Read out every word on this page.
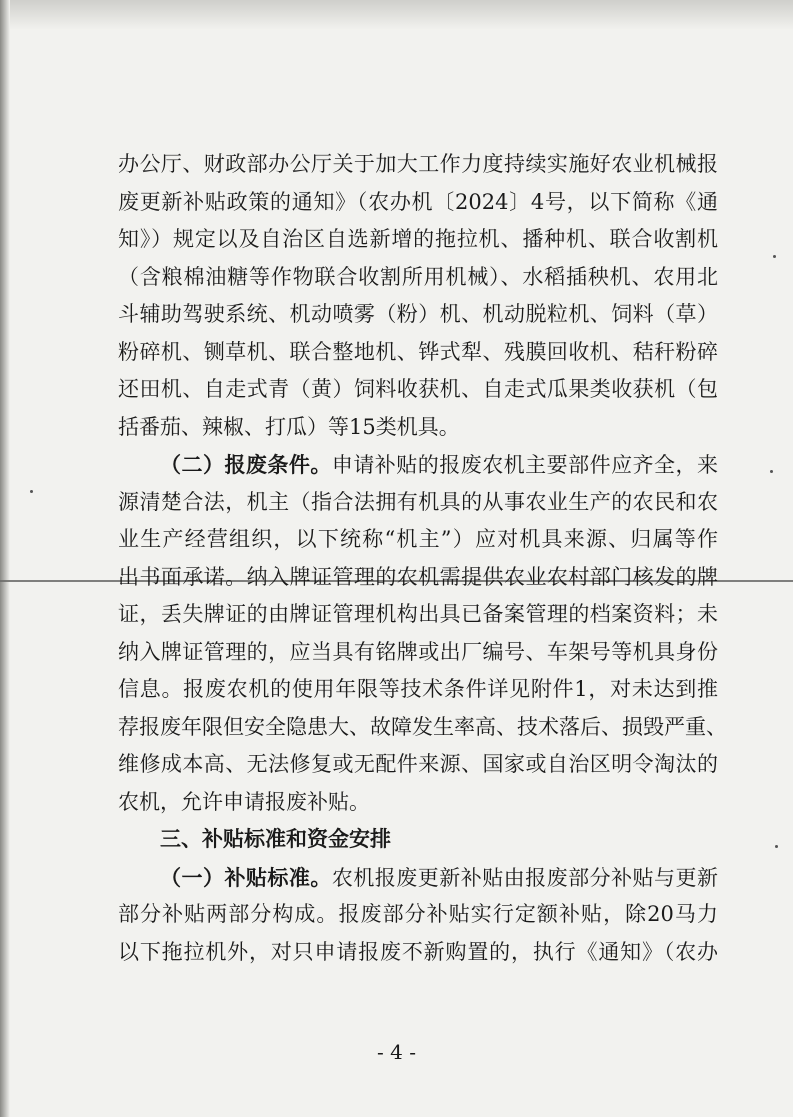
办公厅、财政部办公厅关于加大工作力度持续实施好农业机械报
废更新补贴政策的通知》（农办机〔2024〕4号，以下简称《通
知》）规定以及自治区自选新增的拖拉机、播种机、联合收割机
（含粮棉油糖等作物联合收割所用机械）、水稻插秧机、农用北
斗辅助驾驶系统、机动喷雾（粉）机、机动脱粒机、饲料（草）
粉碎机、铡草机、联合整地机、铧式犁、残膜回收机、秸秆粉碎
还田机、自走式青（黄）饲料收获机、自走式瓜果类收获机（包
括番茄、辣椒、打瓜）等15类机具。
（二）报废条件。申请补贴的报废农机主要部件应齐全，来
源清楚合法，机主（指合法拥有机具的从事农业生产的农民和农
业生产经营组织，以下统称“机主”）应对机具来源、归属等作
出书面承诺。纳入牌证管理的农机需提供农业农村部门核发的牌
证，丢失牌证的由牌证管理机构出具已备案管理的档案资料；未
纳入牌证管理的，应当具有铭牌或出厂编号、车架号等机具身份
信息。报废农机的使用年限等技术条件详见附件1，对未达到推
荐报废年限但安全隐患大、故障发生率高、技术落后、损毁严重、
维修成本高、无法修复或无配件来源、国家或自治区明令淘汰的
农机，允许申请报废补贴。
三、补贴标准和资金安排
（一）补贴标准。农机报废更新补贴由报废部分补贴与更新
部分补贴两部分构成。报废部分补贴实行定额补贴，除20马力
以下拖拉机外，对只申请报废不新购置的，执行《通知》（农办
- 4 -
